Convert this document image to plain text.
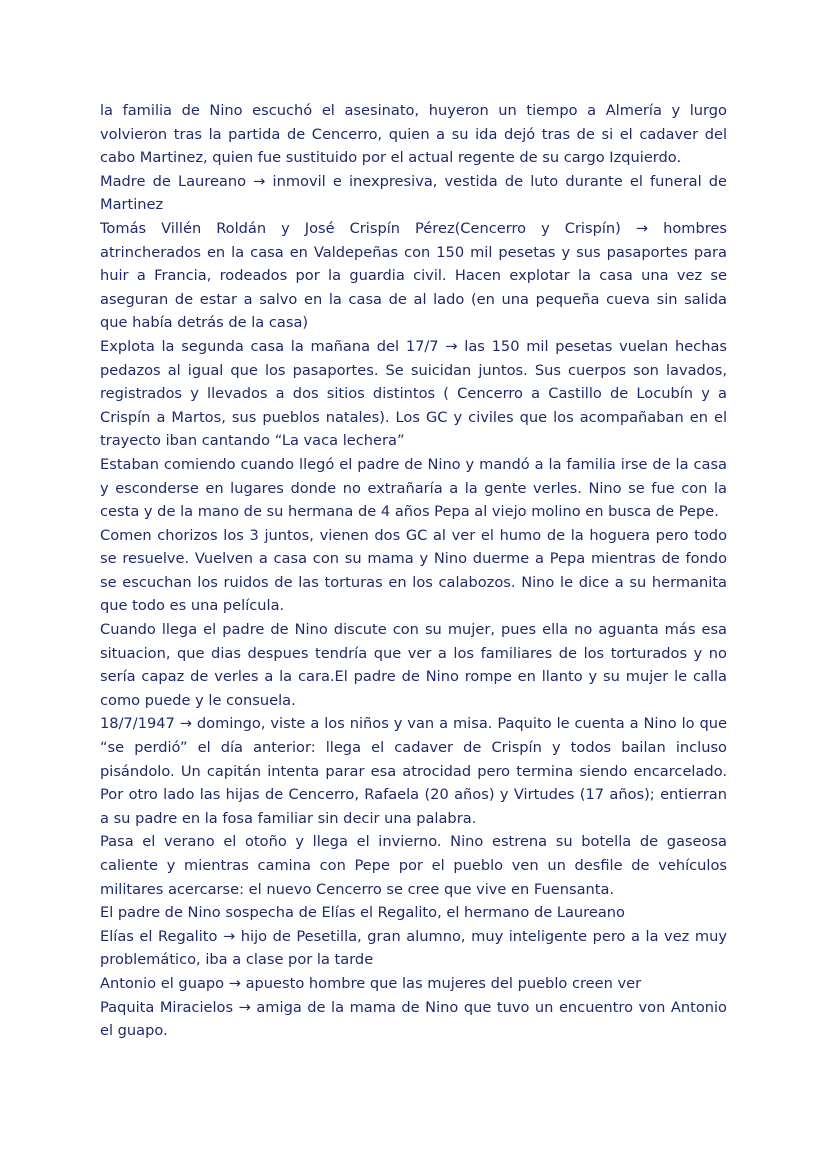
la familia de Nino escuchó el asesinato, huyeron un tiempo a Almería y lurgo volvieron tras la partida de Cencerro, quien a su ida dejó tras de si el cadaver del cabo Martinez, quien fue sustituido por el actual regente de su cargo Izquierdo.

Madre de Laureano → inmovil e inexpresiva, vestida de luto durante el funeral de Martinez

Tomás Villén Roldán y José Crispín Pérez(Cencerro y Crispín) → hombres atrincherados en la casa en Valdepeñas con 150 mil pesetas y sus pasaportes para huir a Francia, rodeados por la guardia civil. Hacen explotar la casa una vez se aseguran de estar a salvo en la casa de al lado (en una pequeña cueva sin salida que había detrás de la casa)

Explota la segunda casa la mañana del 17/7 → las 150 mil pesetas vuelan hechas pedazos al igual que los pasaportes. Se suicidan juntos. Sus cuerpos son lavados, registrados y llevados a dos sitios distintos ( Cencerro a Castillo de Locubín y a Crispín a Martos, sus pueblos natales). Los GC y civiles que los acompañaban en el trayecto iban cantando “La vaca lechera”

Estaban comiendo cuando llegó el padre de Nino y mandó a la familia irse de la casa y esconderse en lugares donde no extrañaría a la gente verles. Nino se fue con la cesta y de la mano de su hermana de 4 años Pepa al viejo molino en busca de Pepe.

Comen chorizos los 3 juntos, vienen dos GC al ver el humo de la hoguera pero todo se resuelve. Vuelven a casa con su mama y Nino duerme a Pepa mientras de fondo se escuchan los ruidos de las torturas en los calabozos. Nino le dice a su hermanita que todo es una película.

Cuando llega el padre de Nino discute con su mujer, pues ella no aguanta más esa situacion, que dias despues tendría que ver a los familiares de los torturados y no sería capaz de verles a la cara.El padre de Nino rompe en llanto y su mujer le calla como puede y le consuela.

18/7/1947 → domingo, viste a los niños y van a misa. Paquito le cuenta a Nino lo que “se perdió” el día anterior: llega el cadaver de Crispín y todos bailan incluso pisándolo. Un capitán intenta parar esa atrocidad pero termina siendo encarcelado. Por otro lado las hijas de Cencerro, Rafaela (20 años) y Virtudes (17 años); entierran a su padre en la fosa familiar sin decir una palabra.

Pasa el verano el otoño y llega el invierno. Nino estrena su botella de gaseosa caliente y mientras camina con Pepe por el pueblo ven un desfile de vehículos militares acercarse: el nuevo Cencerro se cree que vive en Fuensanta.

El padre de Nino sospecha de Elías el Regalito, el hermano de Laureano

Elías el Regalito → hijo de Pesetilla, gran alumno, muy inteligente pero a la vez muy problemático, iba a clase por la tarde

Antonio el guapo → apuesto hombre que las mujeres del pueblo creen ver

Paquita Miracielos → amiga de la mama de Nino que tuvo un encuentro von Antonio el guapo.
